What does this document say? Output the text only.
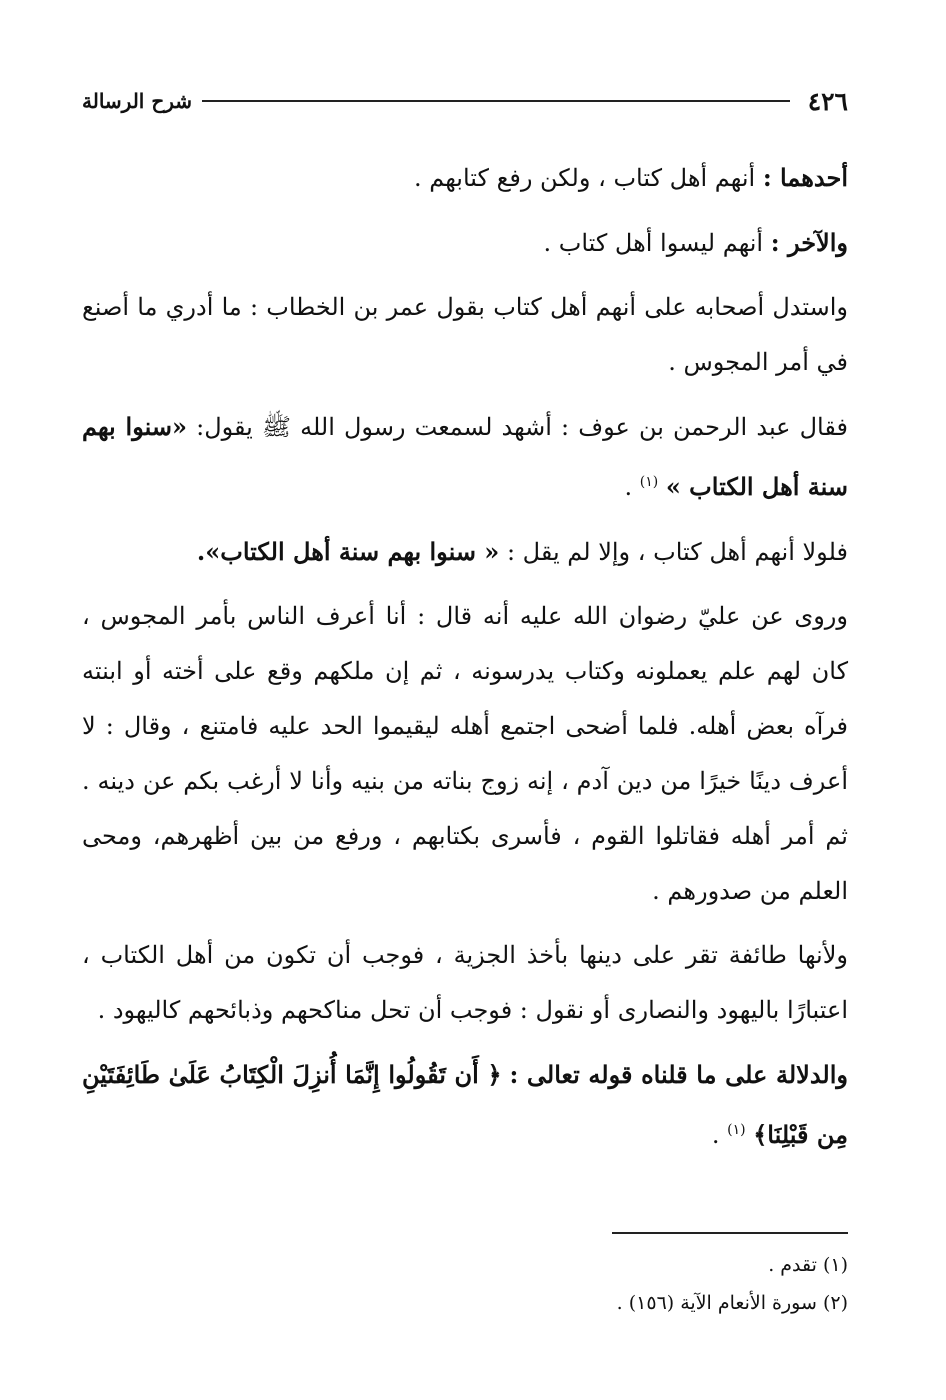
٤٢٦
شرح الرسالة

أحدهما : أنهم أهل كتاب ، ولكن رفع كتابهم .

والآخر : أنهم ليسوا أهل كتاب .

واستدل أصحابه على أنهم أهل كتاب بقول عمر بن الخطاب : ما أدري ما أصنع في أمر المجوس .

فقال عبد الرحمن بن عوف : أشهد لسمعت رسول الله ﷺ يقول: «سنوا بهم سنة أهل الكتاب » $^{(١)}$ .

فلولا أنهم أهل كتاب ، وإلا لم يقل : « سنوا بهم سنة أهل الكتاب».

وروى عن عليّ رضوان الله عليه أنه قال : أنا أعرف الناس بأمر المجوس ، كان لهم علم يعملونه وكتاب يدرسونه ، ثم إن ملكهم وقع على أخته أو ابنته فرآه بعض أهله. فلما أضحى اجتمع أهله ليقيموا الحد عليه فامتنع ، وقال : لا أعرف دينًا خيرًا من دين آدم ، إنه زوج بناته من بنيه وأنا لا أرغب بكم عن دينه . ثم أمر أهله فقاتلوا القوم ، فأسرى بكتابهم ، ورفع من بين أظهرهم، ومحى العلم من صدورهم .

ولأنها طائفة تقر على دينها بأخذ الجزية ، فوجب أن تكون من أهل الكتاب ، اعتبارًا باليهود والنصارى أو نقول : فوجب أن تحل مناكحهم وذبائحهم كاليهود .

والدلالة على ما قلناه قوله تعالى : ﴿ أَن تَقُولُوا إِنَّمَا أُنزِلَ الْكِتَابُ عَلَىٰ طَائِفَتَيْنِ مِن قَبْلِنَا﴾ $^{(١)}$ .

(١) تقدم .

(٢) سورة الأنعام الآية (١٥٦) .
